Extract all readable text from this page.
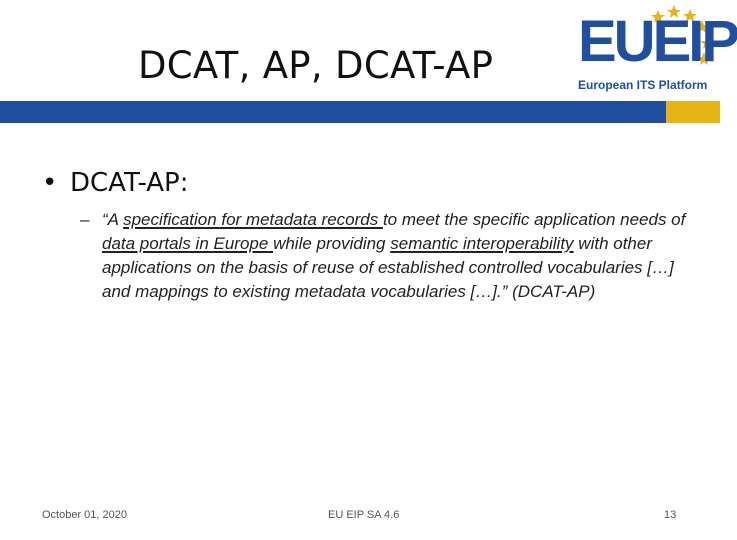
DCAT, AP, DCAT-AP EUEIP
European ITS Platform
• DCAT-AP:
– “A specification for metadata records to meet the specific application needs of data portals in Europe while providing semantic interoperability with other applications on the basis of reuse of established controlled vocabularies […] and mappings to existing metadata vocabularies […].” (DCAT-AP)
October 01, 2020	EU EIP SA 4.6	13
